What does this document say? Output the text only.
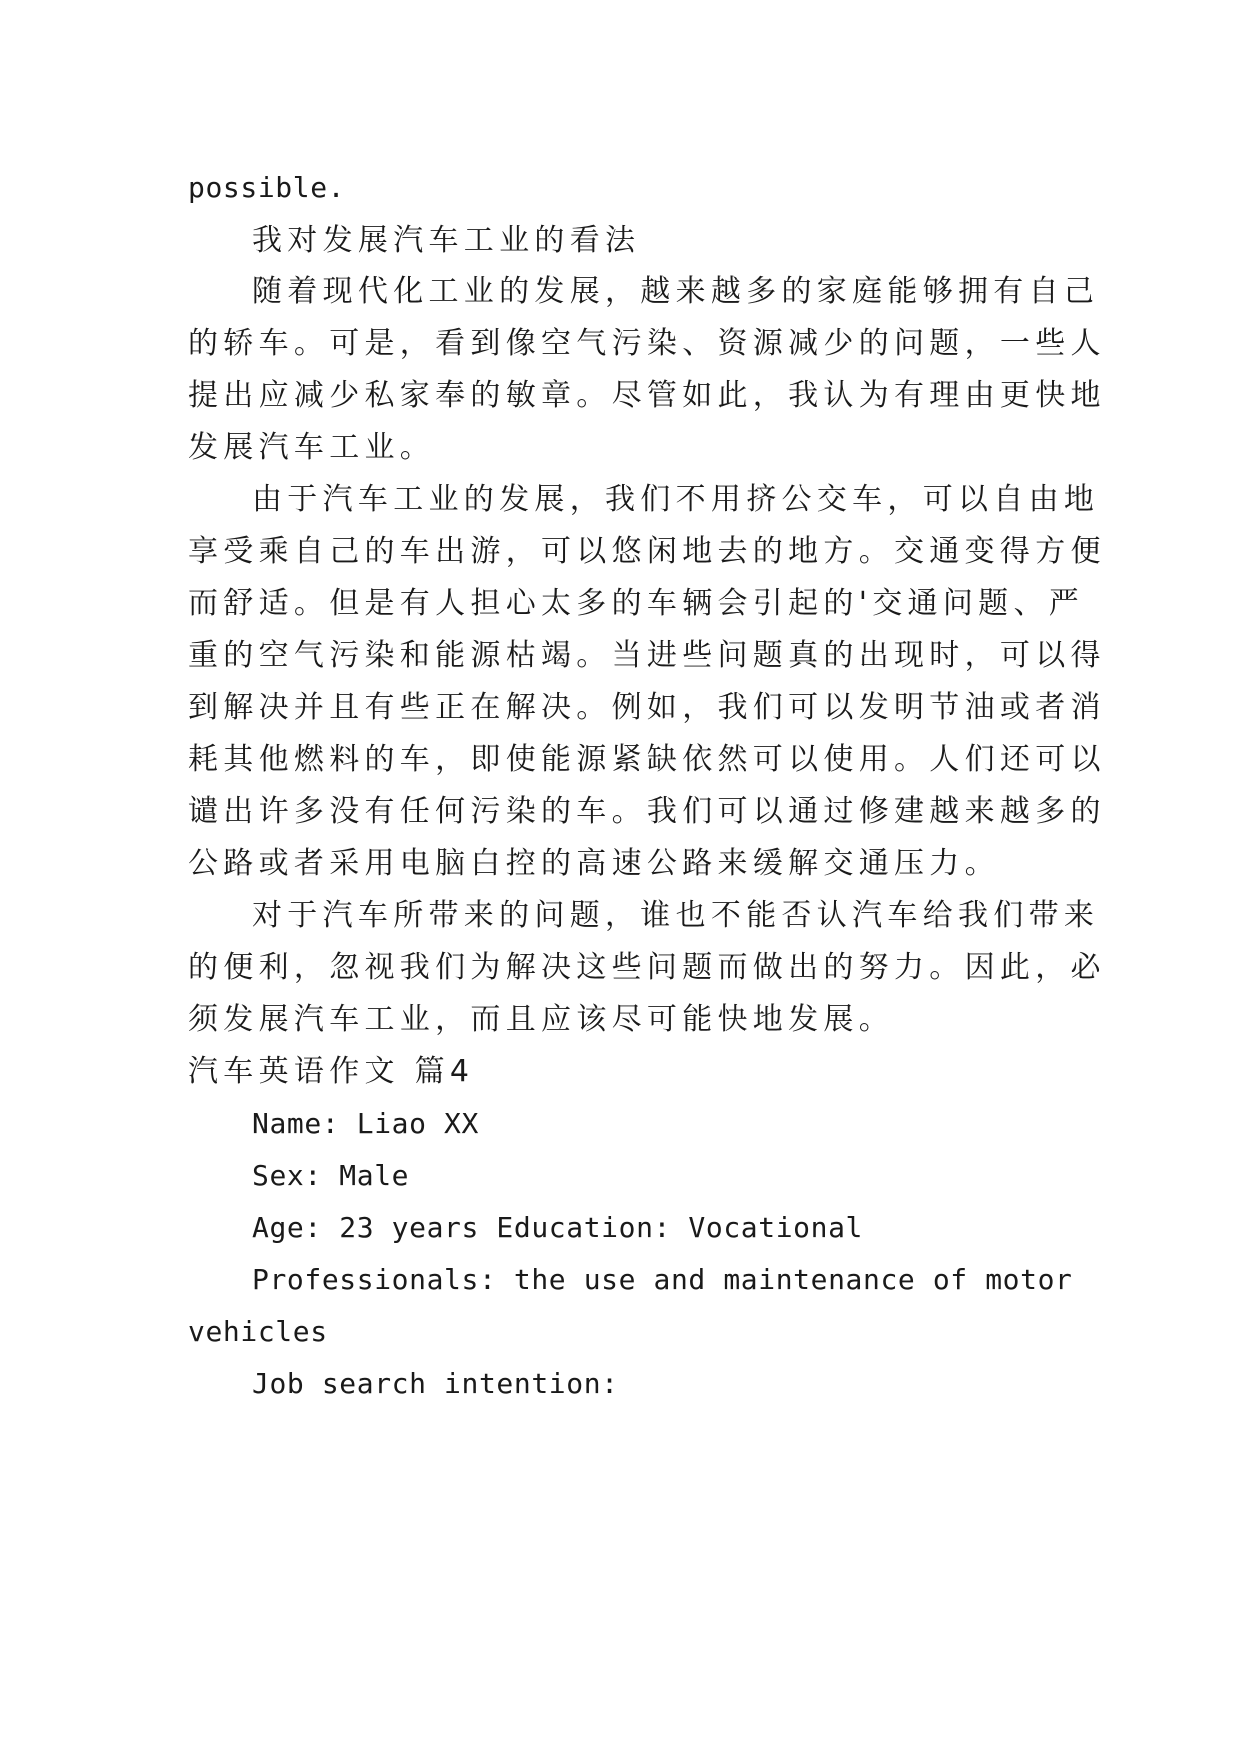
possible.
我对发展汽车工业的看法
随着现代化工业的发展，越来越多的家庭能够拥有自己
的轿车。可是，看到像空气污染、资源减少的问题，一些人
提出应减少私家奉的敏章。尽管如此，我认为有理由更快地
发展汽车工业。
由于汽车工业的发展，我们不用挤公交车，可以自由地
享受乘自己的车出游，可以悠闲地去的地方。交通变得方便
而舒适。但是有人担心太多的车辆会引起的'交通问题、严
重的空气污染和能源枯竭。当进些问题真的出现时，可以得
到解决并且有些正在解决。例如，我们可以发明节油或者消
耗其他燃料的车，即使能源紧缺依然可以使用。人们还可以
谴出许多没有任何污染的车。我们可以通过修建越来越多的
公路或者采用电脑白控的高速公路来缓解交通压力。
对于汽车所带来的问题，谁也不能否认汽车给我们带来
的便利，忽视我们为解决这些问题而做出的努力。因此，必
须发展汽车工业，而且应该尽可能快地发展。
汽车英语作文 篇4
Name: Liao XX
Sex: Male
Age: 23 years Education: Vocational
Professionals: the use and maintenance of motor
vehicles
Job search intention:
